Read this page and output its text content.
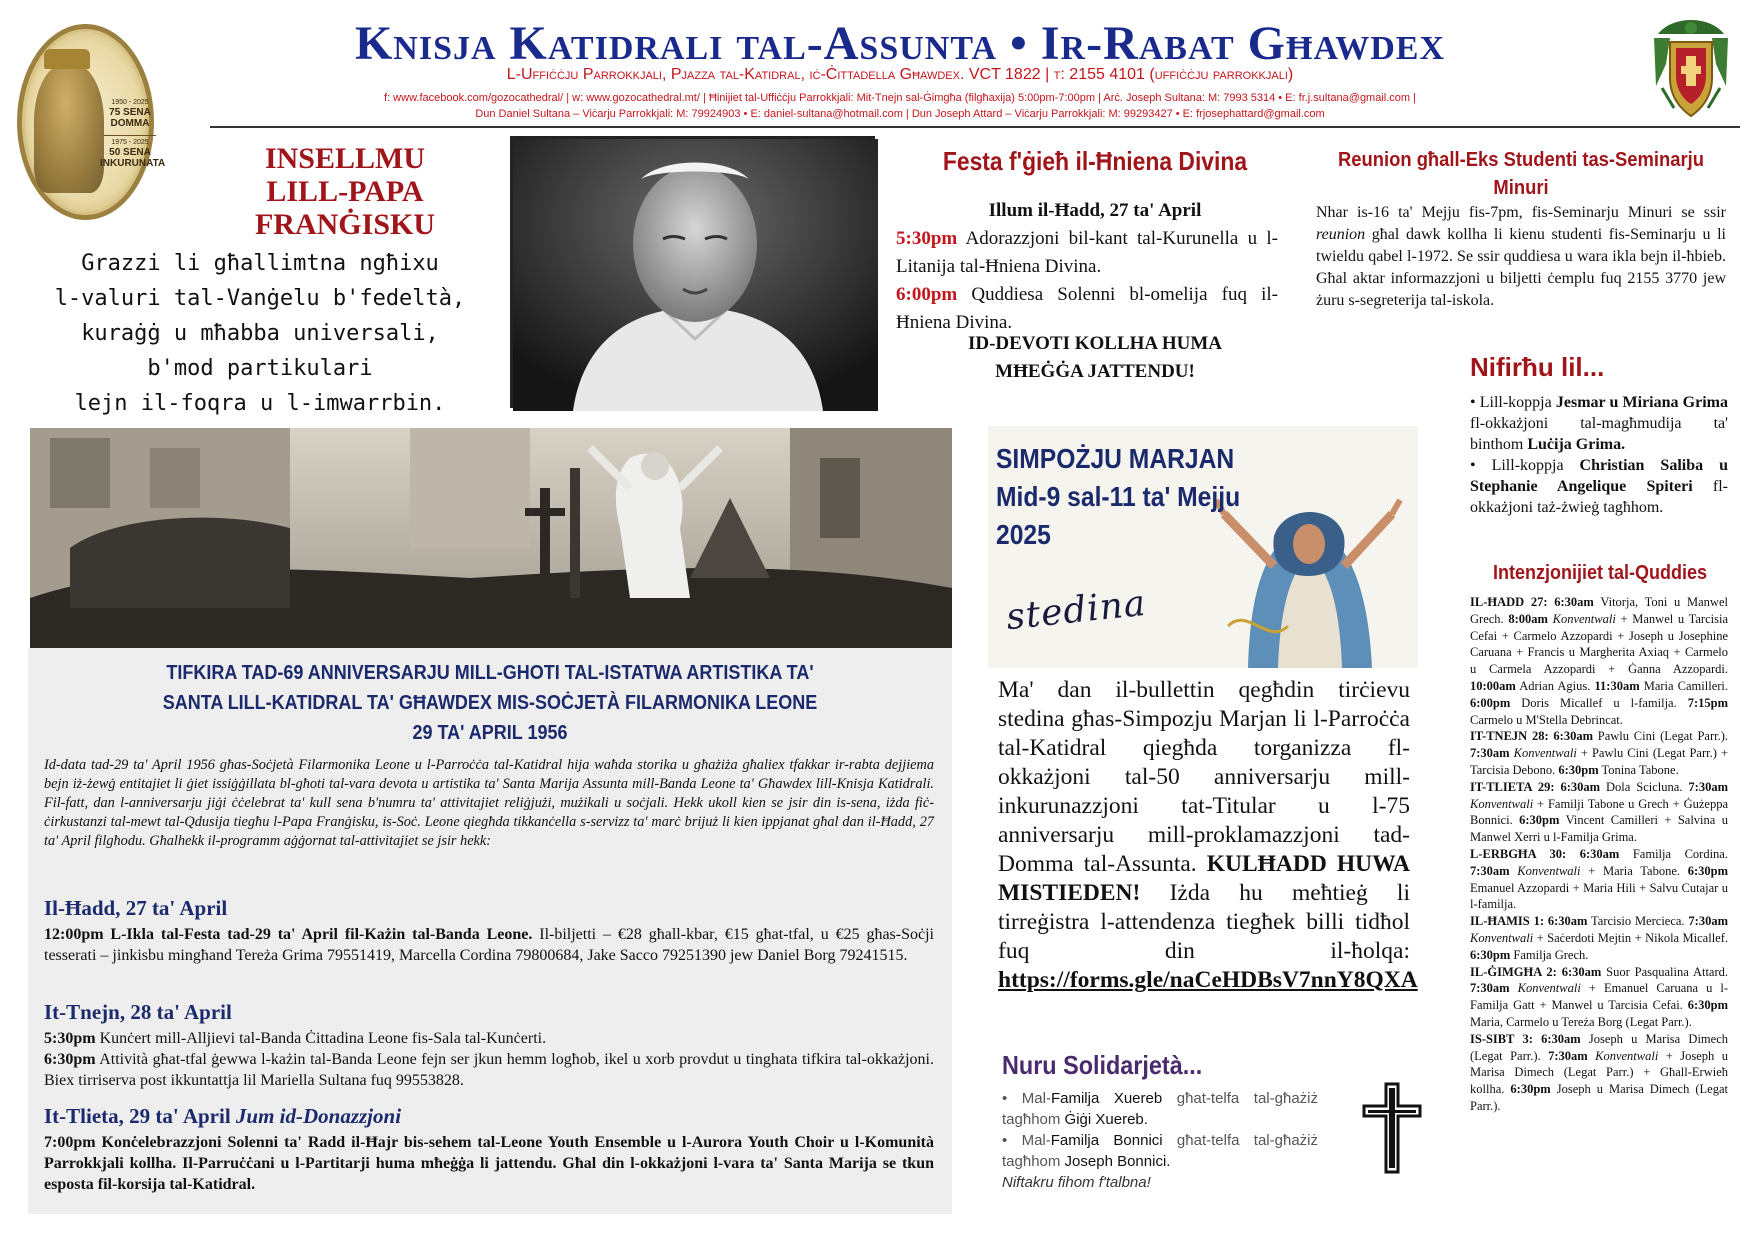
1950 - 2025
75 SENA DOMMA
1975 - 2025
50 SENA INKURUNATA
Knisja Katidrali tal-Assunta • Ir-Rabat Għawdex
L-Uffiċċju Parrokkjali, Pjazza tal-Katidral, iċ-Ċittadella Għawdex. VCT 1822 | t: 2155 4101 (uffiċċju parrokkjali)
f: www.facebook.com/gozocathedral/ | w: www.gozocathedral.mt/ | Ħinijiet tal-Uffiċċju Parrokkjali: Mit-Tnejn sal-Ġimgħa (filgħaxija) 5:00pm-7:00pm | Arċ. Joseph Sultana: M: 7993 5314 • E: fr.j.sultana@gmail.com |
Dun Daniel Sultana – Viċarju Parrokkjali: M: 79924903 • E: daniel-sultana@hotmail.com | Dun Joseph Attard – Viċarju Parrokkjali: M: 99293427 • E: frjosephattard@gmail.com
INSELLMU
LILL-PAPA
FRANĠISKU
Grazzi li għallimtna ngħixu
l-valuri tal-Vanġelu b'fedeltà,
kuraġġ u mħabba universali,
b'mod partikulari
lejn il-foqra u l-imwarrbin.
Festa f'ġieħ il-Ħniena Divina
Illum il-Ħadd, 27 ta' April
5:30pm Adorazzjoni bil-kant tal-Kurunella u l-Litanija tal-Ħniena Divina.
6:00pm Quddiesa Solenni bl-omelija fuq il-Ħniena Divina.
ID-DEVOTI KOLLHA HUMA
MĦEĠĠA JATTENDU!
Reunion għall-Eks Studenti tas-Seminarju Minuri
Nhar is-16 ta' Mejju fis-7pm, fis-Seminarju Minuri se ssir reunion għal dawk kollha li kienu studenti fis-Seminarju u li twieldu qabel l-1972. Se ssir quddiesa u wara ikla bejn il-ħbieb. Għal aktar informazzjoni u biljetti ċemplu fuq 2155 3770 jew żuru s-segreterija tal-iskola.
Nifirħu lil...
• Lill-koppja Jesmar u Miriana Grima fl-okkażjoni tal-magħmudija ta' binthom Luċija Grima.
• Lill-koppja Christian Saliba u Stephanie Angelique Spiteri fl-okkażjoni taż-żwieġ tagħhom.
Intenzjonijiet tal-Quddies

IL-ĦADD 27: 6:30am Vitorja, Toni u Manwel Grech. 8:00am Konventwali + Manwel u Tarcisia Cefai + Carmelo Azzopardi + Joseph u Josephine Caruana + Francis u Margherita Axiaq + Carmelo u Carmela Azzopardi + Ġanna Azzopardi. 10:00am Adrian Agius. 11:30am Maria Camilleri. 6:00pm Doris Micallef u l-familja. 7:15pm Carmelo u M'Stella Debrincat.

IT-TNEJN 28: 6:30am Pawlu Cini (Legat Parr.). 7:30am Konventwali + Pawlu Cini (Legat Parr.) + Tarcisia Debono. 6:30pm Tonina Tabone.

IT-TLIETA 29: 6:30am Dola Scicluna. 7:30am Konventwali + Familji Tabone u Grech + Ġużeppa Bonnici. 6:30pm Vincent Camilleri + Salvina u Manwel Xerri u l-Familja Grima.

L-ERBGĦA 30: 6:30am Familja Cordina. 7:30am Konventwali + Maria Tabone. 6:30pm Emanuel Azzopardi + Maria Hili + Salvu Cutajar u l-familja.

IL-ĦAMIS 1: 6:30am Tarcisio Mercieca. 7:30am Konventwali + Saċerdoti Mejtin + Nikola Micallef. 6:30pm Familja Grech.

IL-ĠIMGĦA 2: 6:30am Suor Pasqualina Attard. 7:30am Konventwali + Emanuel Caruana u l-Familja Gatt + Manwel u Tarcisia Cefai. 6:30pm Maria, Carmelo u Tereża Borg (Legat Parr.).

IS-SIBT 3: 6:30am Joseph u Marisa Dimech (Legat Parr.). 7:30am Konventwali + Joseph u Marisa Dimech (Legat Parr.) + Għall-Erwieħ kollha. 6:30pm Joseph u Marisa Dimech (Legat Parr.).

TIFKIRA TAD-69 ANNIVERSARJU MILL-GHOTI TAL-ISTATWA ARTISTIKA TA'
SANTA LILL-KATIDRAL TA' GĦAWDEX MIS-SOĊJETÀ FILARMONIKA LEONE
29 TA' APRIL 1956
Id-data tad-29 ta' April 1956 għas-Soċjetà Filarmonika Leone u l-Parroċċa tal-Katidral hija waħda storika u għażiża għaliex tfakkar ir-rabta dejjiema bejn iż-żewġ entitajiet li ġiet issiġġillata bl-għoti tal-vara devota u artistika ta' Santa Marija Assunta mill-Banda Leone ta' Għawdex lill-Knisja Katidrali. Fil-fatt, dan l-anniversarju jiġi ċċelebrat ta' kull sena b'numru ta' attivitajiet reliġjużi, mużikali u soċjali. Hekk ukoll kien se jsir din is-sena, iżda fiċ-ċirkustanzi tal-mewt tal-Qdusija tiegħu l-Papa Franġisku, is-Soċ. Leone qiegħda tikkanċella s-servizz ta' marċ brijuż li kien ippjanat għal dan il-Ħadd, 27 ta' April filgħodu. Għalhekk il-programm aġġornat tal-attivitajiet se jsir hekk:
Il-Ħadd, 27 ta' April
12:00pm L-Ikla tal-Festa tad-29 ta' April fil-Każin tal-Banda Leone. Il-biljetti – €28 għall-kbar, €15 għat-tfal, u €25 għas-Soċji tesserati – jinkisbu mingħand Tereża Grima 79551419, Marcella Cordina 79800684, Jake Sacco 79251390 jew Daniel Borg 79241515.
It-Tnejn, 28 ta' April
5:30pm Kunċert mill-Alljievi tal-Banda Ċittadina Leone fis-Sala tal-Kunċerti.
6:30pm Attività għat-tfal ġewwa l-każin tal-Banda Leone fejn ser jkun hemm logħob, ikel u xorb provdut u tinghata tifkira tal-okkażjoni. Biex tirriserva post ikkuntattja lil Mariella Sultana fuq 99553828.
It-Tlieta, 29 ta' April Jum id-Donazzjoni
7:00pm Konċelebrazzjoni Solenni ta' Radd il-Ħajr bis-sehem tal-Leone Youth Ensemble u l-Aurora Youth Choir u l-Komunità Parrokkjali kollha. Il-Parruċċani u l-Partitarji huma mħeġġa li jattendu. Għal din l-okkażjoni l-vara ta' Santa Marija se tkun esposta fil-korsija tal-Katidral.
SIMPOŻJU MARJAN
Mid-9 sal-11 ta' Mejju
2025
stedina
Ma' dan il-bullettin qegħdin tirċievu stedina għas-Simpozju Marjan li l-Parroċċa tal-Katidral qiegħda torganizza fl-okkażjoni tal-50 anniversarju mill-inkurunazzjoni tat-Titular u l-75 anniversarju mill-proklamazzjoni tad-Domma tal-Assunta. KULĦADD HUWA MISTIEDEN! Iżda hu meħtieġ li tirreġistra l-attendenza tiegħek billi tidħol fuq din il-ħolqa: https://forms.gle/naCeHDBsV7nnY8QXA
Nuru Solidarjetà...
• Mal-Familja Xuereb għat-telfa tal-għażiż tagħhom Ġiġi Xuereb.
• Mal-Familja Bonnici għat-telfa tal-għażiż tagħhom Joseph Bonnici.
Niftakru fihom f'talbna!
